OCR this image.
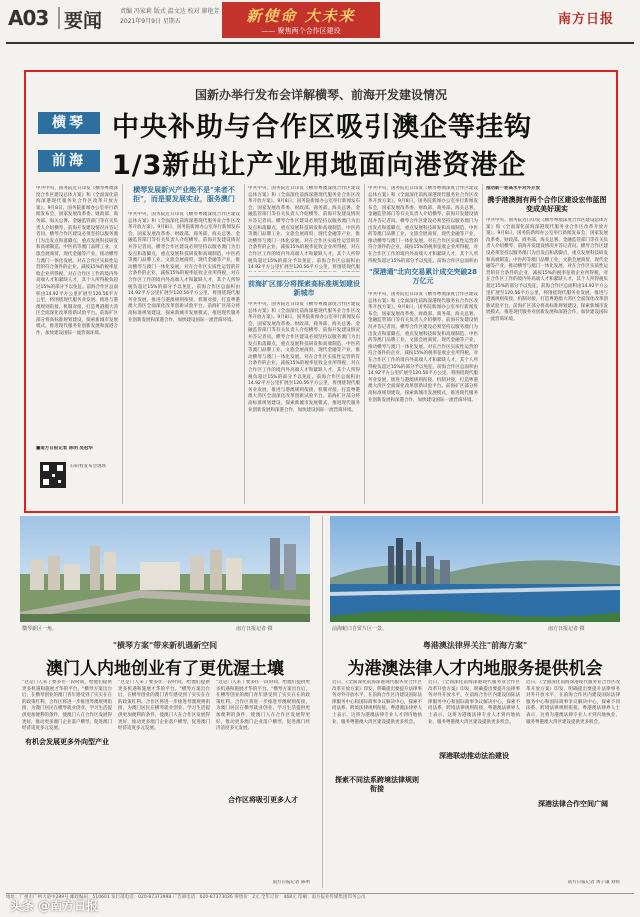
A03 要闻	责编 冯家莉 版式 温文达 校对 廖艳芳
2021年9月9日 星期五	新使命 大未来
—— 聚焦两个合作区建设
南方日报
国新办举行发布会详解横琴、前海开发建设情况
横琴 中央补助与合作区吸引澳企等挂钩
前海 1/3新出让产业用地面向港资港企
中共中央、国务院近日印发《横琴粤澳深度合作区建设总体方案》和《全面深化前海深港现代服务业合作区改革开放方案》。9月8日，国务院新闻办公室举行新闻发布会，国家发展改革委、财政部、商务部、海关总署、金融监管部门等有关负责人介绍横琴、前海开发建设情况并答记者问。横琴合作区建设必须坚持以服务澳门为出发点和落脚点，重点发展科技研发和高端制造、中医药等澳门品牌工业、文旅会展商贸、现代金融等产业，推动横琴与澳门一体化发展。对在合作区实质性运营的符合条件的企业，减按15%的税率征收企业所得税，对在合作区工作的境内外高端人才和紧缺人才，其个人所得税负超过15%的部分予以免征。前海合作区总面积由14.92平方公里扩展至120.56平方公里，将围绕现代服务业发展，推进与港澳规则衔接、机制对接，打造粤港澳大湾区全面深化改革创新试验平台。前海扩区部分将高标准规划建设，探索新城市发展模式，推进现代服务业创新发展和深港合作，加快建设国际一流营商环境。
■南方日报记者 陈明 吴冠华
扫码看发布会现场
横琴发展新兴产业绝不是"来者不拒"，而是要发展实业，服务澳门
中共中央、国务院近日印发《横琴粤澳深度合作区建设总体方案》和《全面深化前海深港现代服务业合作区改革开放方案》。9月8日，国务院新闻办公室举行新闻发布会，国家发展改革委、财政部、商务部、海关总署、金融监管部门等有关负责人介绍横琴、前海开发建设情况并答记者问。横琴合作区建设必须坚持以服务澳门为出发点和落脚点，重点发展科技研发和高端制造、中医药等澳门品牌工业、文旅会展商贸、现代金融等产业，推动横琴与澳门一体化发展。对在合作区实质性运营的符合条件的企业，减按15%的税率征收企业所得税，对在合作区工作的境内外高端人才和紧缺人才，其个人所得税负超过15%的部分予以免征。前海合作区总面积由14.92平方公里扩展至120.56平方公里，将围绕现代服务业发展，推进与港澳规则衔接、机制对接，打造粤港澳大湾区全面深化改革创新试验平台。前海扩区部分将高标准规划建设，探索新城市发展模式，推进现代服务业创新发展和深港合作，加快建设国际一流营商环境。
中共中央、国务院近日印发《横琴粤澳深度合作区建设总体方案》和《全面深化前海深港现代服务业合作区改革开放方案》。9月8日，国务院新闻办公室举行新闻发布会，国家发展改革委、财政部、商务部、海关总署、金融监管部门等有关负责人介绍横琴、前海开发建设情况并答记者问。横琴合作区建设必须坚持以服务澳门为出发点和落脚点，重点发展科技研发和高端制造、中医药等澳门品牌工业、文旅会展商贸、现代金融等产业，推动横琴与澳门一体化发展。对在合作区实质性运营的符合条件的企业，减按15%的税率征收企业所得税，对在合作区工作的境内外高端人才和紧缺人才，其个人所得税负超过15%的部分予以免征。前海合作区总面积由14.92平方公里扩展至120.56平方公里，将围绕现代服
前海扩区部分将探索高标准规划建设新城市
中共中央、国务院近日印发《横琴粤澳深度合作区建设总体方案》和《全面深化前海深港现代服务业合作区改革开放方案》。9月8日，国务院新闻办公室举行新闻发布会，国家发展改革委、财政部、商务部、海关总署、金融监管部门等有关负责人介绍横琴、前海开发建设情况并答记者问。横琴合作区建设必须坚持以服务澳门为出发点和落脚点，重点发展科技研发和高端制造、中医药等澳门品牌工业、文旅会展商贸、现代金融等产业，推动横琴与澳门一体化发展。对在合作区实质性运营的符合条件的企业，减按15%的税率征收企业所得税，对在合作区工作的境内外高端人才和紧缺人才，其个人所得税负超过15%的部分予以免征。前海合作区总面积由14.92平方公里扩展至120.56平方公里，将围绕现代服务业发展，推进与港澳规则衔接、机制对接，打造粤港澳大湾区全面深化改革创新试验平台。前海扩区部分将高标准规划建设，探索新城市发展模式，推进现代服务业创新发展和深港合作，加快建设国际一流营商环境。
中共中央、国务院近日印发《横琴粤澳深度合作区建设总体方案》和《全面深化前海深港现代服务业合作区改革开放方案》。9月8日，国务院新闻办公室举行新闻发布会，国家发展改革委、财政部、商务部、海关总署、金融监管部门等有关负责人介绍横琴、前海开发建设情况并答记者问。横琴合作区建设必须坚持以服务澳门为出发点和落脚点，重点发展科技研发和高端制造、中医药等澳门品牌工业、文旅会展商贸、现代金融等产业，推动横琴与澳门一体化发展。对在合作区实质性运营的符合条件的企业，减按15%的税率征收企业所得税，对在合作区工作的境内外高端人才和紧缺人才，其个人所得税负超过15%的部分予以免征。前海合作区总面积由
"深港通"北向交易累计成交突破28万亿元
中共中央、国务院近日印发《横琴粤澳深度合作区建设总体方案》和《全面深化前海深港现代服务业合作区改革开放方案》。9月8日，国务院新闻办公室举行新闻发布会，国家发展改革委、财政部、商务部、海关总署、金融监管部门等有关负责人介绍横琴、前海开发建设情况并答记者问。横琴合作区建设必须坚持以服务澳门为出发点和落脚点，重点发展科技研发和高端制造、中医药等澳门品牌工业、文旅会展商贸、现代金融等产业，推动横琴与澳门一体化发展。对在合作区实质性运营的符合条件的企业，减按15%的税率征收企业所得税，对在合作区工作的境内外高端人才和紧缺人才，其个人所得税负超过15%的部分予以免征。前海合作区总面积由14.92平方公里扩展至120.56平方公里，将围绕现代服务业发展，推进与港澳规则衔接、机制对接，打造粤港澳大湾区全面深化改革创新试验平台。前海扩区部分将高标准规划建设，探索新城市发展模式，推进现代服务业创新发展和深港合作，加快建设国际一流营商环境。
推动新一轮高水平对外开放
携手港澳拥有两个合作区建设宏伟蓝图变成美好现实
中共中央、国务院近日印发《横琴粤澳深度合作区建设总体方案》和《全面深化前海深港现代服务业合作区改革开放方案》。9月8日，国务院新闻办公室举行新闻发布会，国家发展改革委、财政部、商务部、海关总署、金融监管部门等有关负责人介绍横琴、前海开发建设情况并答记者问。横琴合作区建设必须坚持以服务澳门为出发点和落脚点，重点发展科技研发和高端制造、中医药等澳门品牌工业、文旅会展商贸、现代金融等产业，推动横琴与澳门一体化发展。对在合作区实质性运营的符合条件的企业，减按15%的税率征收企业所得税，对在合作区工作的境内外高端人才和紧缺人才，其个人所得税负超过15%的部分予以免征。前海合作区总面积由14.92平方公里扩展至120.56平方公里，将围绕现代服务业发展，推进与港澳规则衔接、机制对接，打造粤港澳大湾区全面深化改革创新试验平台。前海扩区部分将高标准规划建设，探索新城市发展模式，推进现代服务业创新发展和深港合作，加快建设国际一流营商环境。
横琴新区一角。	南方日报记者 摄
"横琴方案"带来新机遇新空间
澳门人内地创业有了更优渥土壤
"这是门人来了要多住一段时间，给他们提供更多机遇和施展才华的平台。"横琴方案出台后，在横琴创业的澳门青年感受到了实实在在的政策红利。合作区将进一步推进琴澳规则衔接，为澳门居民在横琴就业创业、学习生活提供更加便利的条件，使澳门人在合作区发展得更好，推动更多澳门企业落户横琴，促进澳门经济适度多元发展。
有机会发展更多外向型产业
"这是门人来了要多住一段时间，给他们提供更多机遇和施展才华的平台。"横琴方案出台后，在横琴创业的澳门青年感受到了实实在在的政策红利。合作区将进一步推进琴澳规则衔接，为澳门居民在横琴就业创业、学习生活提供更加便利的条件，使澳门人在合作区发展得更好，推动更多澳门企业落户横琴，促进澳门经济适度多元发展。
"这是门人来了要多住一段时间，给他们提供更多机遇和施展才华的平台。"横琴方案出台后，在横琴创业的澳门青年感受到了实实在在的政策红利。合作区将进一步推进琴澳规则衔接，为澳门居民在横琴就业创业、学习生活提供更加便利的条件，使澳门人在合作区发展得更好，推动更多澳门企业落户横琴，促进澳门经济适度多元发展。
合作区将吸引更多人才
南方日报记者 陈明
前海蛇口自贸片区一景。	南方日报记者 摄
粤港澳法律界关注"前海方案"
为港澳法律人才内地服务提供机会
近日，《全面深化前海深港现代服务业合作区改革开放方案》印发，明确提出要提升法律事务对外开放水平，在前海合作区内建设国际法律服务中心和国际商事争议解决中心，探索不同法系、跨境法律规则衔接。粤港澳法律界人士表示，这将为港澳法律专业人才到内地执业、服务粤港澳大湾区建设提供更多机会。
探索不同法系跨境法律规则衔接
近日，《全面深化前海深港现代服务业合作区改革开放方案》印发，明确提出要提升法律事务对外开放水平，在前海合作区内建设国际法律服务中心和国际商事争议解决中心，探索不同法系、跨境法律规则衔接。粤港澳法律界人士表示，这将为港澳法律专业人才到内地执业、服务粤港澳大湾区建设提供更多机会。
深港联动推动法治建设
近日，《全面深化前海深港现代服务业合作区改革开放方案》印发，明确提出要提升法律事务对外开放水平，在前海合作区内建设国际法律服务中心和国际商事争议解决中心，探索不同法系、跨境法律规则衔接。粤港澳法律界人士表示，这将为港澳法律专业人才到内地执业、服务粤港澳大湾区建设提供更多机会。
深港法律合作空间广阔
南方日报记者 黄子谦 刘帮
地址：广州市广州大道中289号 邮政编码：510601 发行部电话：020-87373998 广告部电话：020-87373026 零售价：2元 全年订价：468元 印刷：南方报业传媒集团印务公司
头条 @南方日报
